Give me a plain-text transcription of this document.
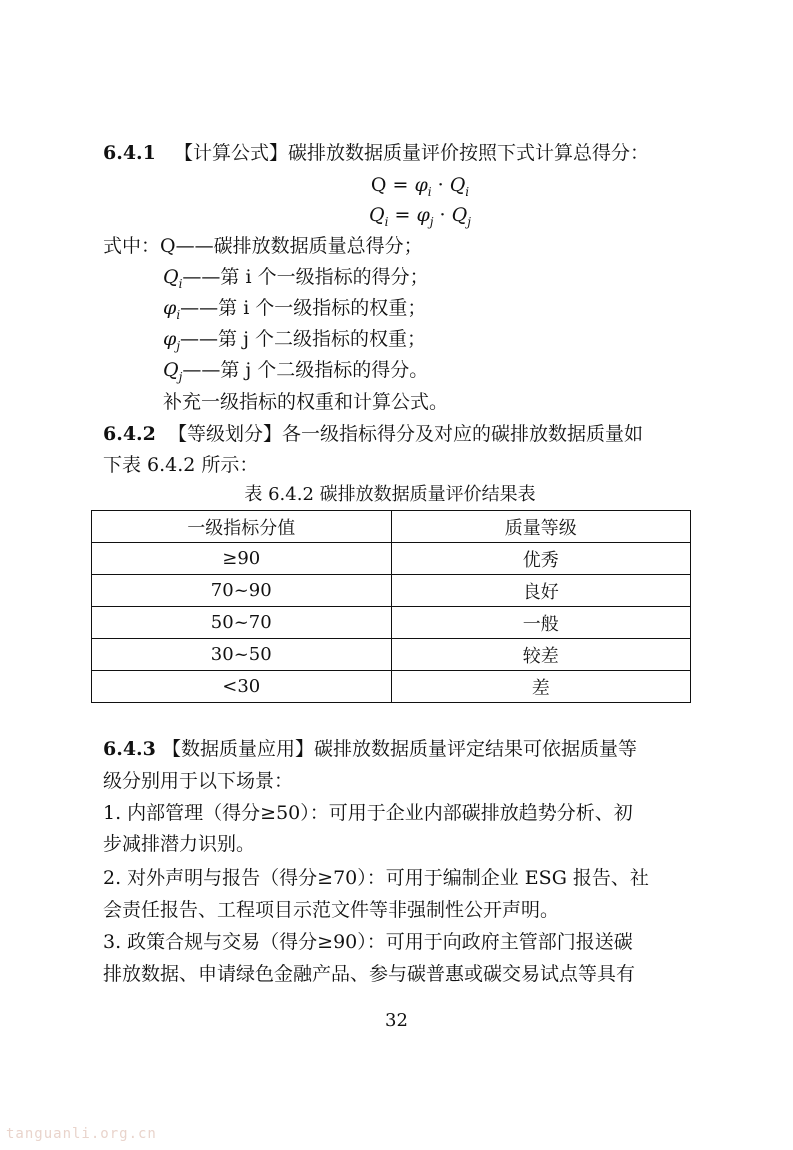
6.4.1 【计算公式】碳排放数据质量评价按照下式计算总得分：
$Q = \varphi_i \cdot Q_i$
$Q_i = \varphi_j \cdot Q_j$
式中：Q——碳排放数据质量总得分；
$Q_i——$第 i 个一级指标的得分；
$\varphi_i——$第 i 个一级指标的权重；
$\varphi_j——$第 j 个二级指标的权重；
$Q_j——$第 j 个二级指标的得分。
补充一级指标的权重和计算公式。
6.4.2 【等级划分】各一级指标得分及对应的碳排放数据质量如
下表 6.4.2 所示：
表 6.4.2 碳排放数据质量评价结果表
一级指标分值	质量等级
≥90	优秀
70~90	良好
50~70	一般
30~50	较差
<30	差
6.4.3 【数据质量应用】碳排放数据质量评定结果可依据质量等
级分别用于以下场景：
1. 内部管理（得分≥50）：可用于企业内部碳排放趋势分析、初
步减排潜力识别。
2. 对外声明与报告（得分≥70）：可用于编制企业 ESG 报告、社
会责任报告、工程项目示范文件等非强制性公开声明。
3. 政策合规与交易（得分≥90）：可用于向政府主管部门报送碳
排放数据、申请绿色金融产品、参与碳普惠或碳交易试点等具有
32
tanguanli.org.cn
